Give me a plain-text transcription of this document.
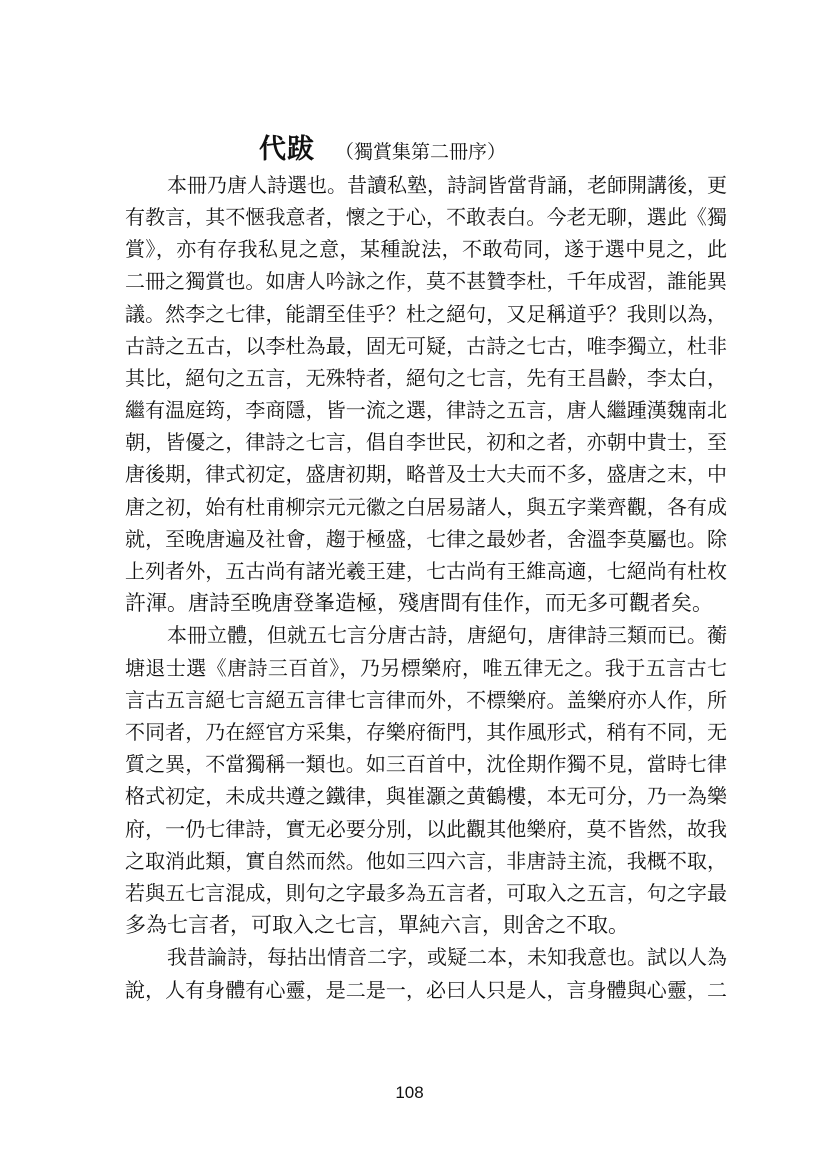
代跋 （獨賞集第二冊序）
本冊乃唐人詩選也。昔讀私塾，詩詞皆當背誦，老師開講後，更
有教言，其不愜我意者，懷之于心，不敢表白。今老无聊，選此《獨
賞》，亦有存我私見之意，某種說法，不敢苟同，遂于選中見之，此
二冊之獨賞也。如唐人吟詠之作，莫不甚贊李杜，千年成習，誰能異
議。然李之七律，能謂至佳乎？杜之絕句，又足稱道乎？我則以為，
古詩之五古，以李杜為最，固无可疑，古詩之七古，唯李獨立，杜非
其比，絕句之五言，无殊特者，絕句之七言，先有王昌齡，李太白，
繼有温庭筠，李商隱，皆一流之選，律詩之五言，唐人繼踵漢魏南北
朝，皆優之，律詩之七言，倡自李世民，初和之者，亦朝中貴士，至
唐後期，律式初定，盛唐初期，略普及士大夫而不多，盛唐之末，中
唐之初，始有杜甫柳宗元元徽之白居易諸人，與五字業齊觀，各有成
就，至晚唐遍及社會，趨于極盛，七律之最妙者，舍溫李莫屬也。除
上列者外，五古尚有諸光羲王建，七古尚有王維高適，七絕尚有杜枚
許渾。唐詩至晚唐登峯造極，殘唐間有佳作，而无多可觀者矣。
本冊立體，但就五七言分唐古詩，唐絕句，唐律詩三類而已。蘅
塘退士選《唐詩三百首》，乃另標樂府，唯五律无之。我于五言古七
言古五言絕七言絕五言律七言律而外，不標樂府。盖樂府亦人作，所
不同者，乃在經官方采集，存樂府衙門，其作風形式，稍有不同，无
質之異，不當獨稱一類也。如三百首中，沈佺期作獨不見，當時七律
格式初定，未成共遵之鐵律，與崔灝之黄鶴樓，本无可分，乃一為樂
府，一仍七律詩，實无必要分別，以此觀其他樂府，莫不皆然，故我
之取消此類，實自然而然。他如三四六言，非唐詩主流，我概不取，
若與五七言混成，則句之字最多為五言者，可取入之五言，句之字最
多為七言者，可取入之七言，單純六言，則舍之不取。
我昔論詩，每拈出情音二字，或疑二本，未知我意也。試以人為
說，人有身體有心靈，是二是一，必曰人只是人，言身體與心靈，二
108
